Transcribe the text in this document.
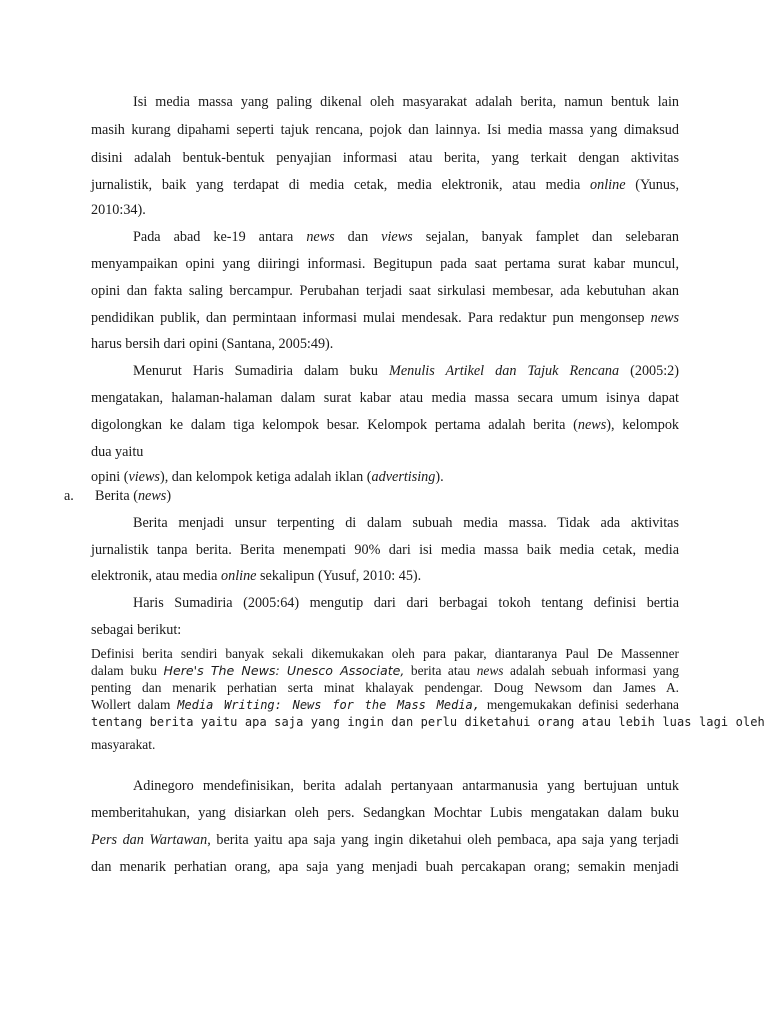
Isi media massa yang paling dikenal oleh masyarakat adalah berita, namun bentuk lain
masih kurang dipahami seperti tajuk rencana, pojok dan lainnya. Isi media massa yang dimaksud
disini adalah bentuk-bentuk penyajian informasi atau berita, yang terkait dengan aktivitas
jurnalistik, baik yang terdapat di media cetak, media elektronik, atau media online (Yunus,
2010:34).
Pada abad ke-19 antara news dan views sejalan, banyak famplet dan selebaran
menyampaikan opini yang diiringi informasi. Begitupun pada saat pertama surat kabar muncul,
opini dan fakta saling bercampur. Perubahan terjadi saat sirkulasi membesar, ada kebutuhan akan
pendidikan publik, dan permintaan informasi mulai mendesak. Para redaktur pun mengonsep news
harus bersih dari opini (Santana, 2005:49).
Menurut Haris Sumadiria dalam buku Menulis Artikel dan Tajuk Rencana (2005:2)
mengatakan, halaman-halaman dalam surat kabar atau media massa secara umum isinya dapat
digolongkan ke dalam tiga kelompok besar. Kelompok pertama adalah berita (news), kelompok
dua yaitu
opini (views), dan kelompok ketiga adalah iklan (advertising).
a. Berita (news)
Berita menjadi unsur terpenting di dalam subuah media massa. Tidak ada aktivitas
jurnalistik tanpa berita. Berita menempati 90% dari isi media massa baik media cetak, media
elektronik, atau media online sekalipun (Yusuf, 2010: 45).
Haris Sumadiria (2005:64) mengutip dari dari berbagai tokoh tentang definisi bertia
sebagai berikut:
Definisi berita sendiri banyak sekali dikemukakan oleh para pakar, diantaranya Paul De Massenner
dalam buku Here's The News: Unesco Associate, berita atau news adalah sebuah informasi yang
penting dan menarik perhatian serta minat khalayak pendengar. Doug Newsom dan James A.
Wollert dalam Media Writing: News for the Mass Media, mengemukakan definisi sederhana
tentang berita yaitu apa saja yang ingin dan perlu diketahui orang atau lebih luas lagi oleh
masyarakat.
Adinegoro mendefinisikan, berita adalah pertanyaan antarmanusia yang bertujuan untuk
memberitahukan, yang disiarkan oleh pers. Sedangkan Mochtar Lubis mengatakan dalam buku
Pers dan Wartawan, berita yaitu apa saja yang ingin diketahui oleh pembaca, apa saja yang terjadi
dan menarik perhatian orang, apa saja yang menjadi buah percakapan orang; semakin menjadi
